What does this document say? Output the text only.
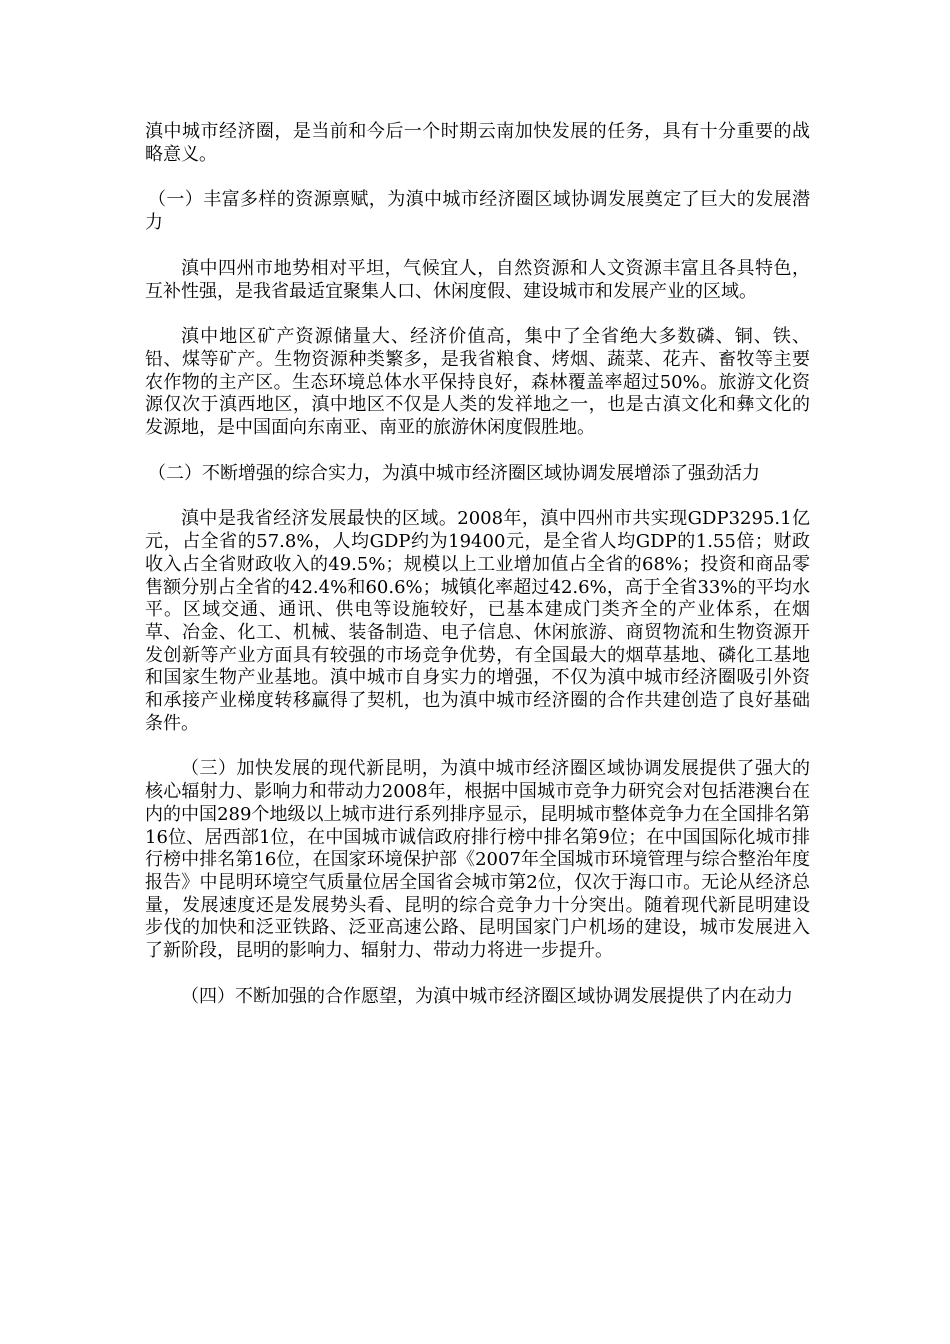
滇中城市经济圈，是当前和今后一个时期云南加快发展的任务，具有十分重要的战略意义。

（一）丰富多样的资源禀赋，为滇中城市经济圈区域协调发展奠定了巨大的发展潜力

滇中四州市地势相对平坦，气候宜人，自然资源和人文资源丰富且各具特色，互补性强，是我省最适宜聚集人口、休闲度假、建设城市和发展产业的区域。

滇中地区矿产资源储量大、经济价值高，集中了全省绝大多数磷、铜、铁、铅、煤等矿产。生物资源种类繁多，是我省粮食、烤烟、蔬菜、花卉、畜牧等主要农作物的主产区。生态环境总体水平保持良好，森林覆盖率超过50%。旅游文化资源仅次于滇西地区，滇中地区不仅是人类的发祥地之一，也是古滇文化和彝文化的发源地，是中国面向东南亚、南亚的旅游休闲度假胜地。

（二）不断增强的综合实力，为滇中城市经济圈区域协调发展增添了强劲活力

滇中是我省经济发展最快的区域。2008年，滇中四州市共实现GDP3295.1亿元，占全省的57.8%，人均GDP约为19400元，是全省人均GDP的1.55倍；财政收入占全省财政收入的49.5%；规模以上工业增加值占全省的68%；投资和商品零售额分别占全省的42.4%和60.6%；城镇化率超过42.6%，高于全省33%的平均水平。区域交通、通讯、供电等设施较好，已基本建成门类齐全的产业体系，在烟草、冶金、化工、机械、装备制造、电子信息、休闲旅游、商贸物流和生物资源开发创新等产业方面具有较强的市场竞争优势，有全国最大的烟草基地、磷化工基地和国家生物产业基地。滇中城市自身实力的增强，不仅为滇中城市经济圈吸引外资和承接产业梯度转移赢得了契机，也为滇中城市经济圈的合作共建创造了良好基础条件。

（三）加快发展的现代新昆明，为滇中城市经济圈区域协调发展提供了强大的核心辐射力、影响力和带动力2008年，根据中国城市竞争力研究会对包括港澳台在内的中国289个地级以上城市进行系列排序显示，昆明城市整体竞争力在全国排名第16位、居西部1位，在中国城市诚信政府排行榜中排名第9位；在中国国际化城市排行榜中排名第16位，在国家环境保护部《2007年全国城市环境管理与综合整治年度报告》中昆明环境空气质量位居全国省会城市第2位，仅次于海口市。无论从经济总量，发展速度还是发展势头看、昆明的综合竞争力十分突出。随着现代新昆明建设步伐的加快和泛亚铁路、泛亚高速公路、昆明国家门户机场的建设，城市发展进入了新阶段，昆明的影响力、辐射力、带动力将进一步提升。

（四）不断加强的合作愿望，为滇中城市经济圈区域协调发展提供了内在动力
